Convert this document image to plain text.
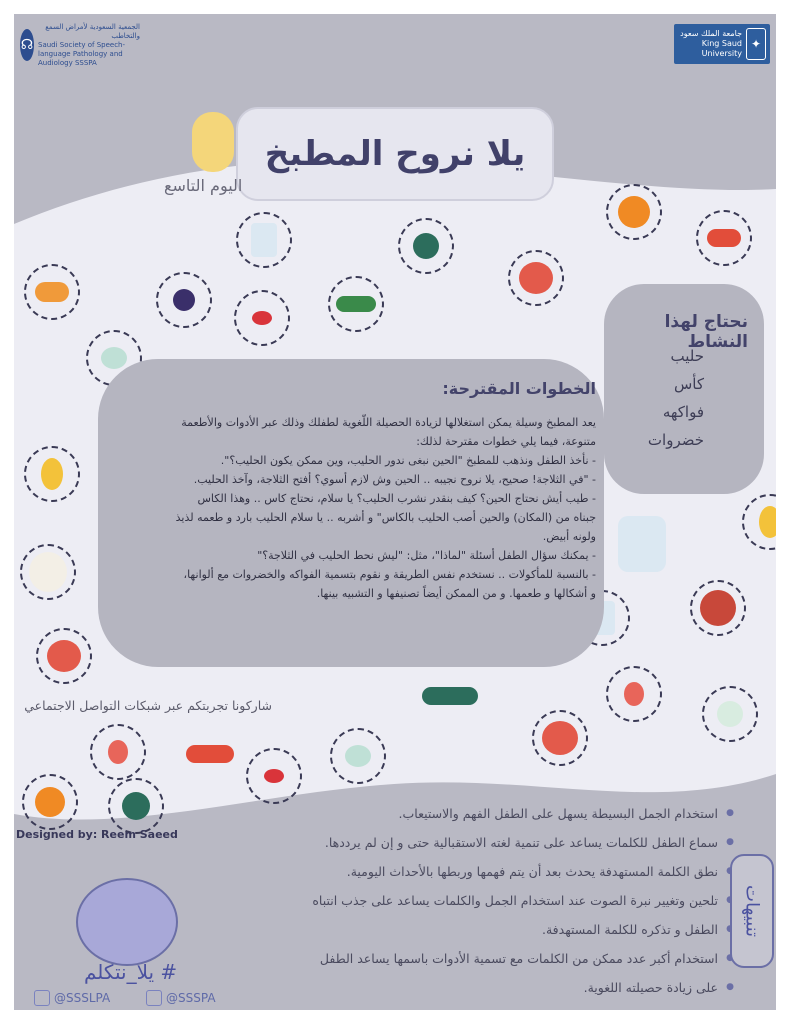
☊
الجمعية السعودية لأمراض السمع والتخاطب
Saudi Society of Speech-language Pathology and Audiology SSSPA
جامعة الملك سعود
King Saud University
✦
يلا نروح المطبخ
اليوم التاسع
نحتاج لهذا النشاط
حليب
كأس
فواكهه
خضروات
الخطوات المقترحة:

يعد المطبخ وسيلة يمكن استغلالها لزيادة الحصيلة اللّغوية لطفلك وذلك عبر الأدوات والأطعمة

متنوعة، فيما يلي خطوات مقترحة لذلك:

- نأخذ الطفل ونذهب للمطبخ "الحين نبغى ندور الحليب، وين ممكن يكون الحليب؟".

- "في الثلاجة! صحيح، يلا نروح نجيبه .. الحين وش لازم أسوي؟ أفتح الثلاجة، وآخذ الحليب.

- طيب أيش نحتاج الحين؟ كيف بنقدر نشرب الحليب؟ يا سلام، نحتاج كاس .. وهذا الكاس

جبناه من (المكان) والحين أصب الحليب بالكاس" و أشربه .. يا سلام الحليب بارد و طعمه لذيذ

ولونه أبيض.

- يمكنك سؤال الطفل أسئلة "لماذا"، مثل: "ليش نحط الحليب في الثلاجة؟"

- بالنسبة للمأكولات .. نستخدم نفس الطريقة و نقوم بتسمية الفواكه والخضروات مع ألوانها،

و أشكالها و طعمها. و من الممكن أيضاً تصنيفها و التشبيه بينها.

شاركونا تجربتكم عبر شبكات التواصل الاجتماعي
Designed by: Reem Saeed
● استخدام الجمل البسيطة يسهل على الطفل الفهم والاستيعاب.
● سماع الطفل للكلمات يساعد على تنمية لغته الاستقبالية حتى و إن لم يرددها.
● نطق الكلمة المستهدفة يحدث بعد أن يتم فهمها وربطها بالأحداث اليومية.
● تلحين وتغيير نبرة الصوت عند استخدام الجمل والكلمات يساعد على جذب انتباه
● الطفل و تذكره للكلمة المستهدفة.
● استخدام أكبر عدد ممكن من الكلمات مع تسمية الأدوات باسمها يساعد الطفل
● على زيادة حصيلته اللغوية.
تنبيهات
# يلا_نتكلم
@SSSLPA	@SSSPA
